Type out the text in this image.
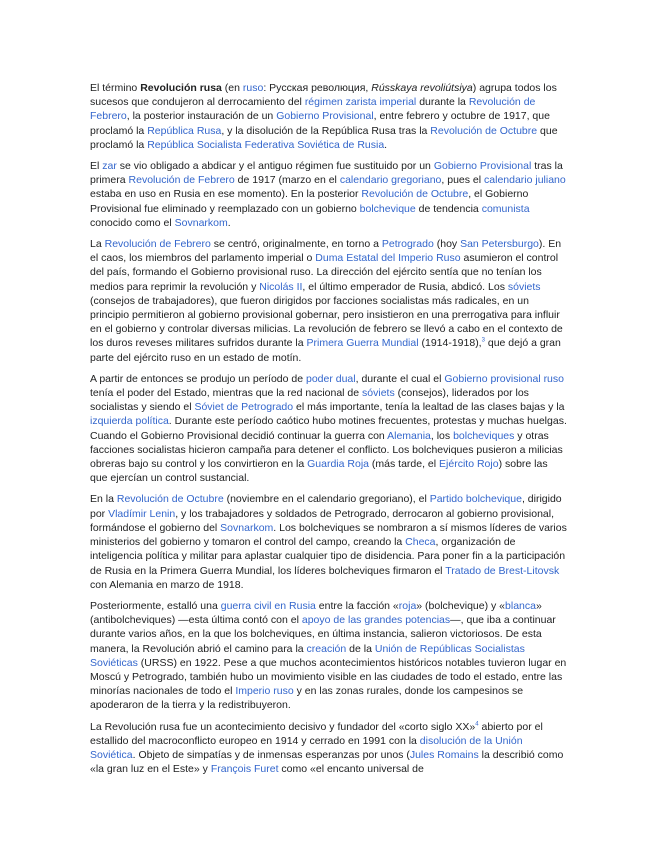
El término Revolución rusa (en ruso: Русская революция, Rússkaya revoliútsiya) agrupa todos los sucesos que condujeron al derrocamiento del régimen zarista imperial durante la Revolución de Febrero, la posterior instauración de un Gobierno Provisional, entre febrero y octubre de 1917, que proclamó la República Rusa, y la disolución de la República Rusa tras la Revolución de Octubre que proclamó la República Socialista Federativa Soviética de Rusia.

El zar se vio obligado a abdicar y el antiguo régimen fue sustituido por un Gobierno Provisional tras la primera Revolución de Febrero de 1917 (marzo en el calendario gregoriano, pues el calendario juliano estaba en uso en Rusia en ese momento). En la posterior Revolución de Octubre, el Gobierno Provisional fue eliminado y reemplazado con un gobierno bolchevique de tendencia comunista conocido como el Sovnarkom.

La Revolución de Febrero se centró, originalmente, en torno a Petrogrado (hoy San Petersburgo). En el caos, los miembros del parlamento imperial o Duma Estatal del Imperio Ruso asumieron el control del país, formando el Gobierno provisional ruso. La dirección del ejército sentía que no tenían los medios para reprimir la revolución y Nicolás II, el último emperador de Rusia, abdicó. Los sóviets (consejos de trabajadores), que fueron dirigidos por facciones socialistas más radicales, en un principio permitieron al gobierno provisional gobernar, pero insistieron en una prerrogativa para influir en el gobierno y controlar diversas milicias. La revolución de febrero se llevó a cabo en el contexto de los duros reveses militares sufridos durante la Primera Guerra Mundial (1914-1918),$^3$ que dejó a gran parte del ejército ruso en un estado de motín.

A partir de entonces se produjo un período de poder dual, durante el cual el Gobierno provisional ruso tenía el poder del Estado, mientras que la red nacional de sóviets (consejos), liderados por los socialistas y siendo el Sóviet de Petrogrado el más importante, tenía la lealtad de las clases bajas y la izquierda política. Durante este período caótico hubo motines frecuentes, protestas y muchas huelgas. Cuando el Gobierno Provisional decidió continuar la guerra con Alemania, los bolcheviques y otras facciones socialistas hicieron campaña para detener el conflicto. Los bolcheviques pusieron a milicias obreras bajo su control y los convirtieron en la Guardia Roja (más tarde, el Ejército Rojo) sobre las que ejercían un control sustancial.

En la Revolución de Octubre (noviembre en el calendario gregoriano), el Partido bolchevique, dirigido por Vladímir Lenin, y los trabajadores y soldados de Petrogrado, derrocaron al gobierno provisional, formándose el gobierno del Sovnarkom. Los bolcheviques se nombraron a sí mismos líderes de varios ministerios del gobierno y tomaron el control del campo, creando la Checa, organización de inteligencia política y militar para aplastar cualquier tipo de disidencia. Para poner fin a la participación de Rusia en la Primera Guerra Mundial, los líderes bolcheviques firmaron el Tratado de Brest-Litovsk con Alemania en marzo de 1918.

Posteriormente, estalló una guerra civil en Rusia entre la facción «roja» (bolchevique) y «blanca» (antibolcheviques) —esta última contó con el apoyo de las grandes potencias—, que iba a continuar durante varios años, en la que los bolcheviques, en última instancia, salieron victoriosos. De esta manera, la Revolución abrió el camino para la creación de la Unión de Repúblicas Socialistas Soviéticas (URSS) en 1922. Pese a que muchos acontecimientos históricos notables tuvieron lugar en Moscú y Petrogrado, también hubo un movimiento visible en las ciudades de todo el estado, entre las minorías nacionales de todo el Imperio ruso y en las zonas rurales, donde los campesinos se apoderaron de la tierra y la redistribuyeron.

La Revolución rusa fue un acontecimiento decisivo y fundador del «corto siglo XX»$^4$ abierto por el estallido del macroconflicto europeo en 1914 y cerrado en 1991 con la disolución de la Unión Soviética. Objeto de simpatías y de inmensas esperanzas por unos (Jules Romains la describió como «la gran luz en el Este» y François Furet como «el encanto universal de
